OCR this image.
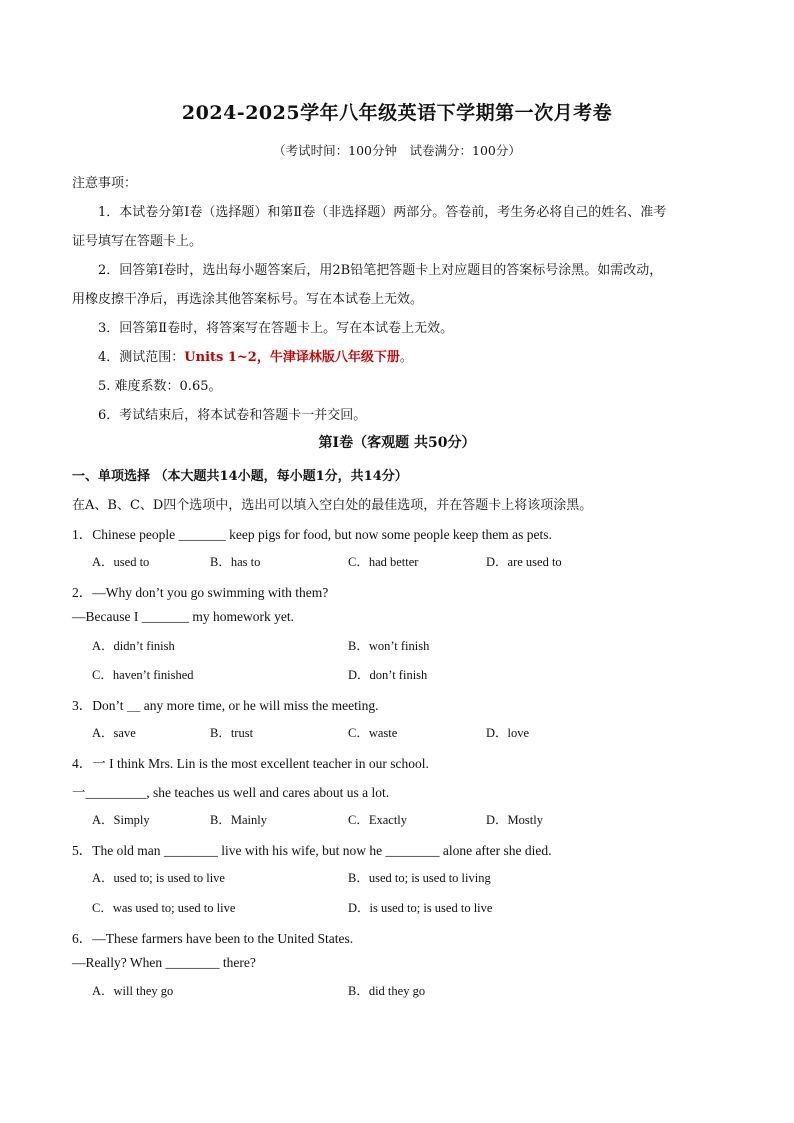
2024-2025学年八年级英语下学期第一次月考卷
（考试时间：100分钟　试卷满分：100分）
注意事项：
1．本试卷分第Ⅰ卷（选择题）和第Ⅱ卷（非选择题）两部分。答卷前，考生务必将自己的姓名、准考
证号填写在答题卡上。
2．回答第Ⅰ卷时，选出每小题答案后，用2B铅笔把答题卡上对应题目的答案标号涂黑。如需改动，
用橡皮擦干净后，再选涂其他答案标号。写在本试卷上无效。
3．回答第Ⅱ卷时，将答案写在答题卡上。写在本试卷上无效。
4．测试范围：Units 1~2，牛津译林版八年级下册。
5. 难度系数：0.65。
6．考试结束后，将本试卷和答题卡一并交回。
第Ⅰ卷（客观题 共50分）
一、单项选择 （本大题共14小题，每小题1分，共14分）
在A、B、C、D四个选项中，选出可以填入空白处的最佳选项，并在答题卡上将该项涂黑。
1．Chinese people _______ keep pigs for food, but now some people keep them as pets.
A．used to	B．has to	C．had better	D．are used to
2．—Why don’t you go swimming with them?
—Because I _______ my homework yet.
A．didn’t finish	B．won’t finish
C．haven’t finished	D．don’t finish
3．Don’t ＿ any more time, or he will miss the meeting.
A．save	B．trust	C．waste	D．love
4．一 I think Mrs. Lin is the most excellent teacher in our school.
一_________, she teaches us well and cares about us a lot.
A．Simply	B．Mainly	C．Exactly	D．Mostly
5．The old man ________ live with his wife, but now he ________ alone after she died.
A．used to; is used to live	B．used to; is used to living
C．was used to; used to live	D．is used to; is used to live
6．—These farmers have been to the United States.
—Really? When ________ there?
A．will they go	B．did they go
